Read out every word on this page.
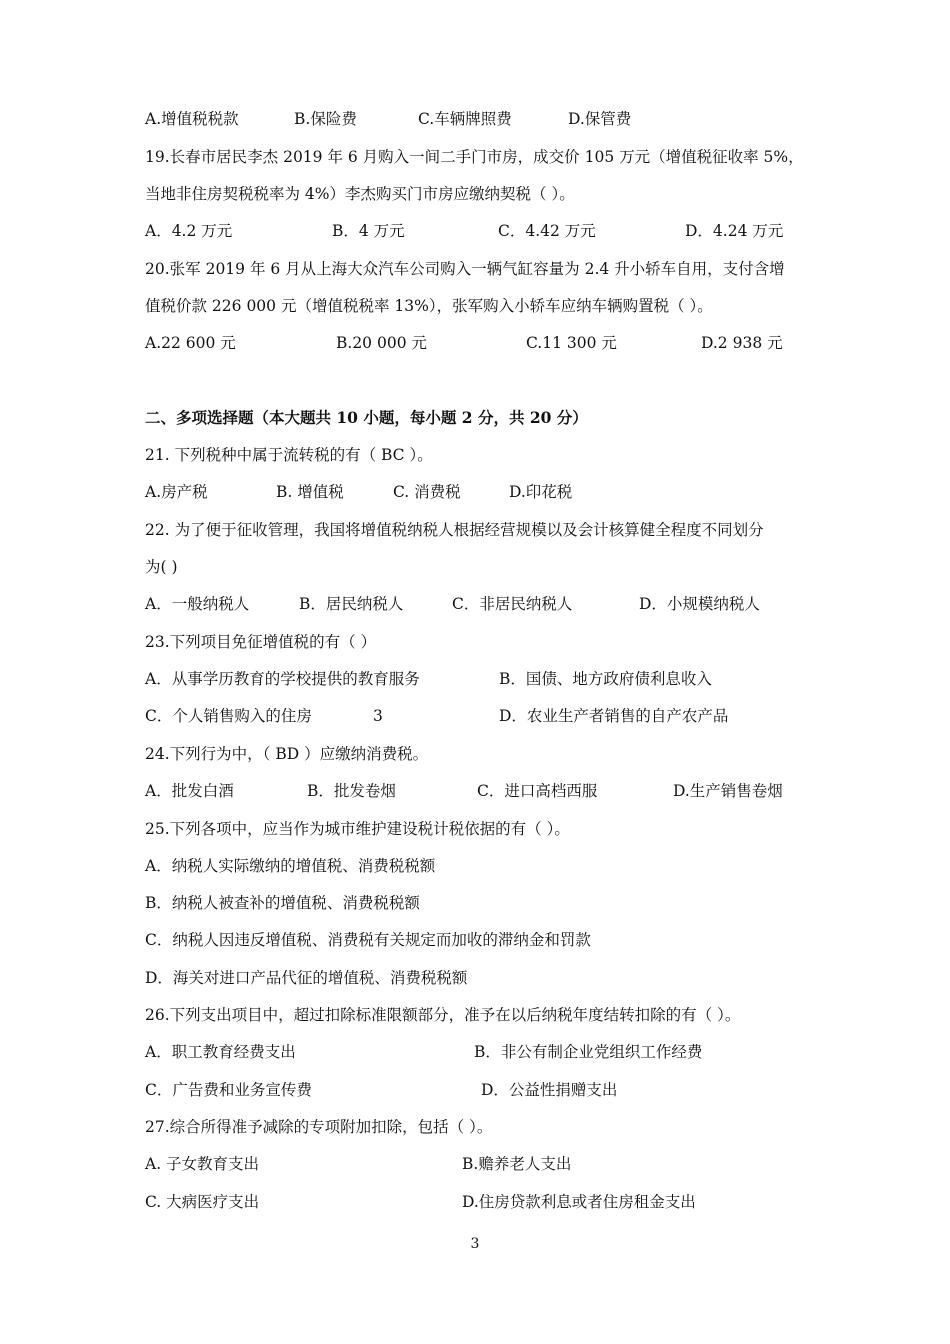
A.增值税税款	B.保险费	C.车辆牌照费	D.保管费
19.长春市居民李杰 2019 年 6 月购入一间二手门市房，成交价 105 万元（增值税征收率 5%，
当地非住房契税税率为 4%）李杰购买门市房应缴纳契税（ ）。
A．4.2 万元	B．4 万元	C．4.42 万元	D．4.24 万元
20.张军 2019 年 6 月从上海大众汽车公司购入一辆气缸容量为 2.4 升小轿车自用，支付含增
值税价款 226 000 元（增值税税率 13%），张军购入小轿车应纳车辆购置税（ ）。
A.22 600 元	B.20 000 元	C.11 300 元	D.2 938 元
二、多项选择题（本大题共 10 小题，每小题 2 分，共 20 分）
21. 下列税种中属于流转税的有（ BC ）。
A.房产税	B. 增值税	C. 消费税	D.印花税
22. 为了便于征收管理，我国将增值税纳税人根据经营规模以及会计核算健全程度不同划分
为( )
A．一般纳税人	B．居民纳税人	C．非居民纳税人	D．小规模纳税人
23.下列项目免征增值税的有（ ）
A．从事学历教育的学校提供的教育服务	B．国债、地方政府债利息收入
C．个人销售购入的住房	3	D．农业生产者销售的自产农产品
24.下列行为中，（ BD ）应缴纳消费税。
A．批发白酒	B．批发卷烟	C．进口高档西服	D.生产销售卷烟
25.下列各项中，应当作为城市维护建设税计税依据的有（ ）。
A．纳税人实际缴纳的增值税、消费税税额
B．纳税人被查补的增值税、消费税税额
C．纳税人因违反增值税、消费税有关规定而加收的滞纳金和罚款
D．海关对进口产品代征的增值税、消费税税额
26.下列支出项目中，超过扣除标准限额部分，准予在以后纳税年度结转扣除的有（ ）。
A．职工教育经费支出	B．非公有制企业党组织工作经费
C．广告费和业务宣传费	D．公益性捐赠支出
27.综合所得准予减除的专项附加扣除，包括（ ）。
A. 子女教育支出	B.赡养老人支出
C. 大病医疗支出	D.住房贷款利息或者住房租金支出
3
